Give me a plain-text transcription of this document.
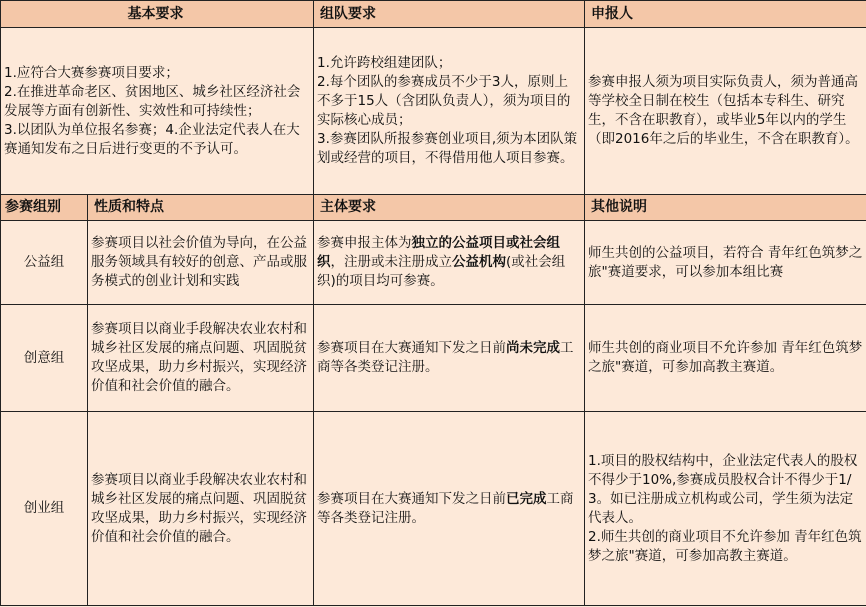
基本要求		组队要求	申报人

1.应符合大赛参赛项目要求；
2.在推进革命老区、贫困地区、城乡社区经济社会发展等方面有创新性、实效性和可持续性；
3.以团队为单位报名参赛；4.企业法定代表人在大赛通知发布之日后进行变更的不予认可。		1.允许跨校组建团队；
2.每个团队的参赛成员不少于3人，原则上不多于15人（含团队负责人），须为项目的实际核心成员；
3.参赛团队所报参赛创业项目,须为本团队策划或经营的项目，不得借用他人项目参赛。	参赛申报人须为项目实际负责人，须为普通高等学校全日制在校生（包括本专科生、研究生，不含在职教育），或毕业5年以内的学生（即2016年之后的毕业生，不含在职教育）。
参赛组别	性质和特点	主体要求	其他说明
公益组	参赛项目以社会价值为导向，在公益服务领域具有较好的创意、产品或服务模式的创业计划和实践	参赛申报主体为独立的公益项目或社会组织，注册或未注册成立公益机构(或社会组织)的项目均可参赛。	师生共创的公益项目，若符合 青年红色筑梦之旅"赛道要求，可以参加本组比赛
创意组	参赛项目以商业手段解决农业农村和城乡社区发展的痛点问题、巩固脱贫攻坚成果，助力乡村振兴，实现经济价值和社会价值的融合。	参赛项目在大赛通知下发之日前尚未完成工商等各类登记注册。	师生共创的商业项目不允许参加 青年红色筑梦之旅"赛道，可参加高教主赛道。
创业组	参赛项目以商业手段解决农业农村和城乡社区发展的痛点问题、巩固脱贫攻坚成果，助力乡村振兴，实现经济价值和社会价值的融合。	参赛项目在大赛通知下发之日前已完成工商等各类登记注册。	1.项目的股权结构中，企业法定代表人的股权不得少于10%,参赛成员股权合计不得少于1/3。如已注册成立机构或公司，学生须为法定代表人。
2.师生共创的商业项目不允许参加 青年红色筑梦之旅"赛道，可参加高教主赛道。
